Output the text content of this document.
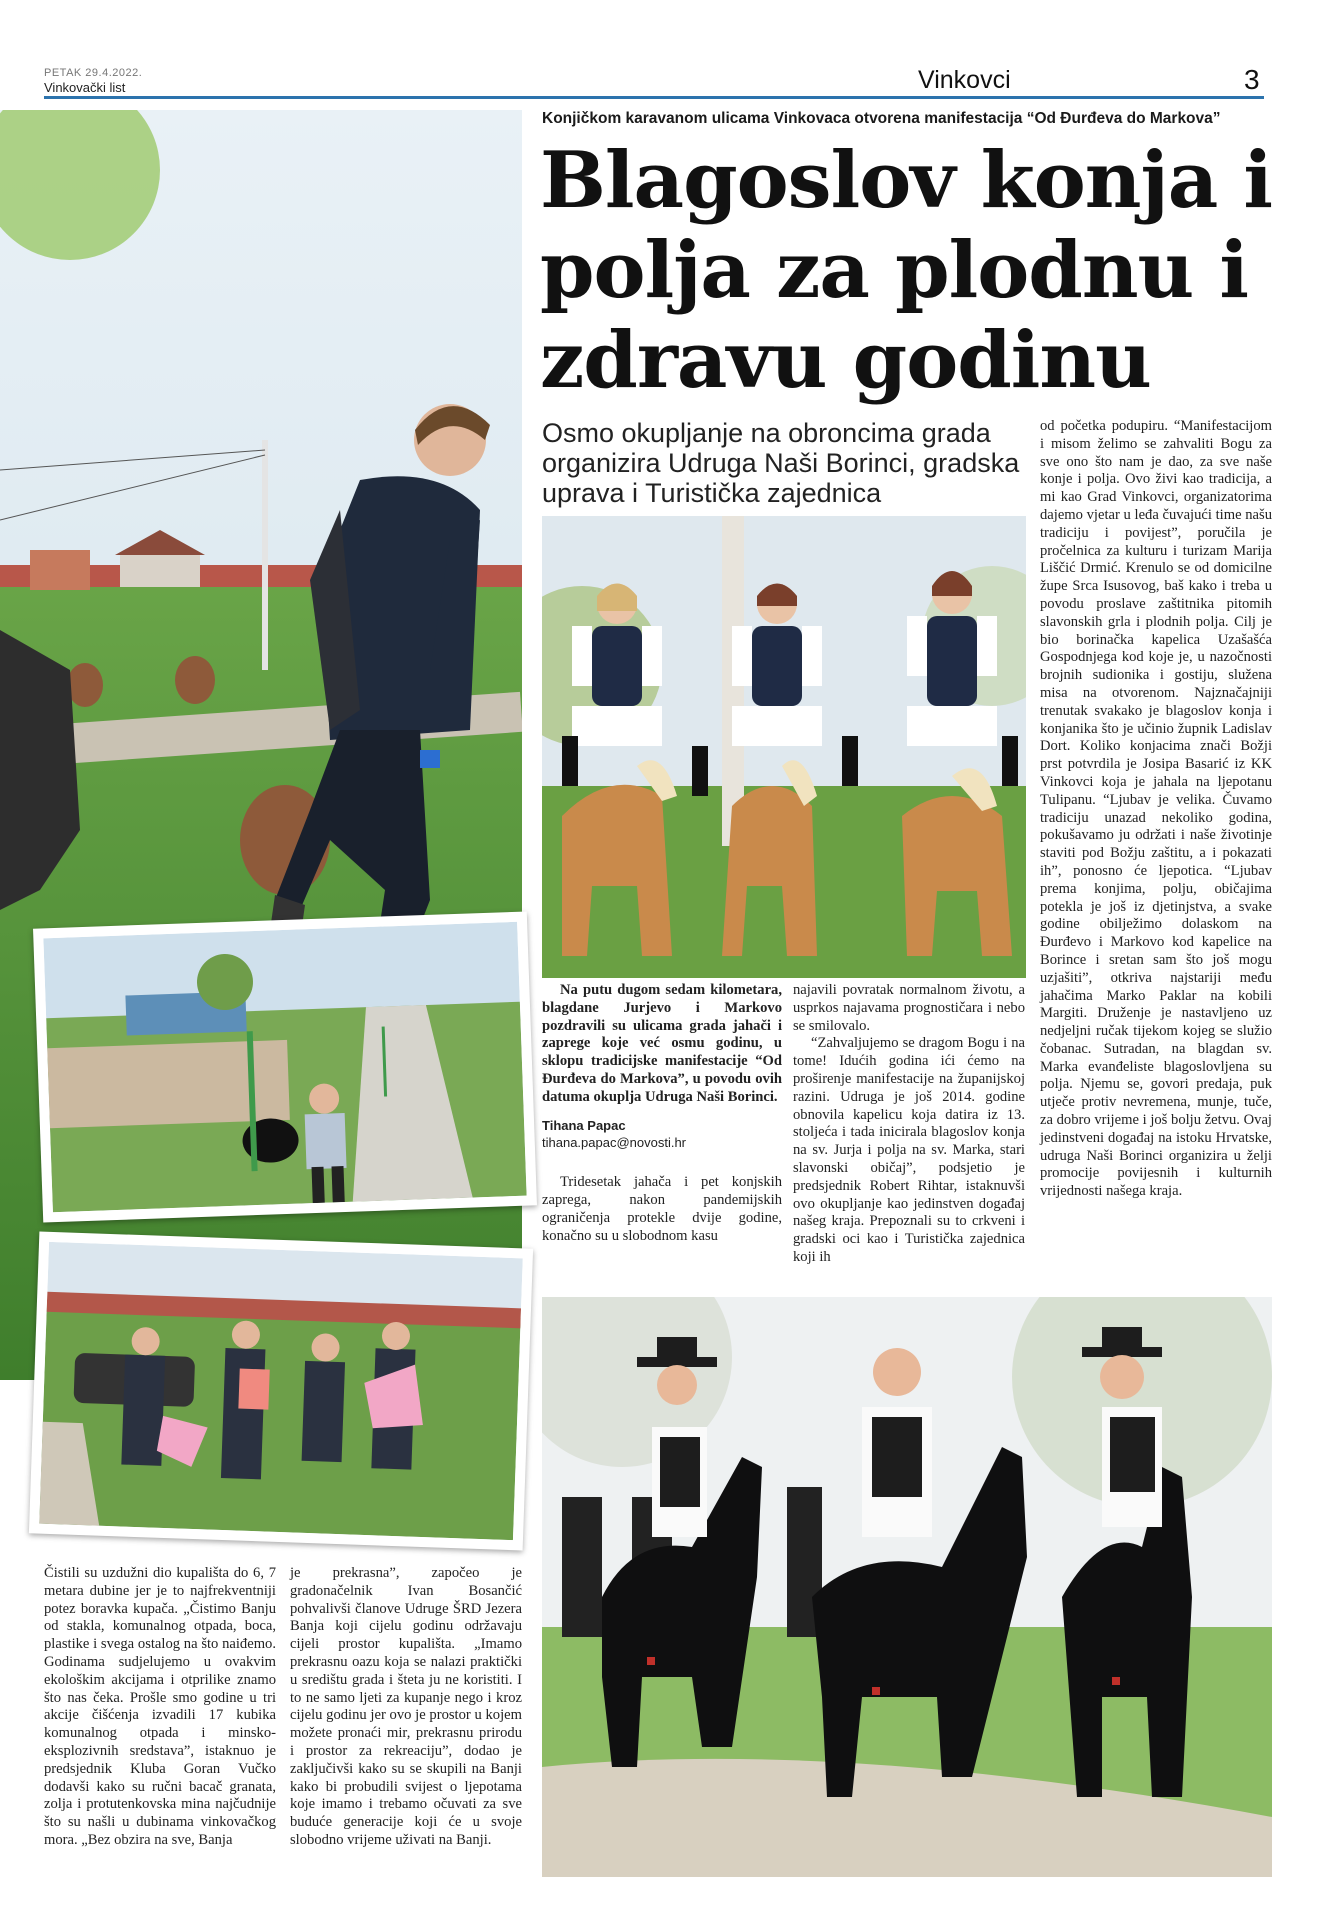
PETAK 29.4.2022.
Vinkovački list	Vinkovci	3
Konjičkom karavanom ulicama Vinkovaca otvorena manifestacija “Od Đurđeva do Markova”
Blagoslov konja i polja za plodnu i zdravu godinu
Osmo okupljanje na obroncima grada organizira Udruga Naši Borinci, gradska uprava i Turistička zajednica

Na putu dugom sedam kilometara, blagdane Jurjevo i Markovo pozdravili su ulicama grada jahači i zaprege koje već osmu godinu, u sklopu tradicijske manifestacije “Od Đurđeva do Markova”, u povodu ovih datuma okuplja Udruga Naši Borinci.

Tihana Papac
tihana.papac@novosti.hr

Tridesetak jahača i pet konjskih zaprega, nakon pandemijskih ograničenja protekle dvije godine, konačno su u slobodnom kasu

najavili povratak normalnom životu, a usprkos najavama prognostičara i nebo se smilovalo.

“Zahvaljujemo se dragom Bogu i na tome! Idućih godina ići ćemo na proširenje manifestacije na županijskoj razini. Udruga je još 2014. godine obnovila kapelicu koja datira iz 13. stoljeća i tada inicirala blagoslov konja na sv. Jurja i polja na sv. Marka, stari slavonski običaj”, podsjetio je predsjednik Robert Rihtar, istaknuvši ovo okupljanje kao jedinstven događaj našeg kraja. Prepoznali su to crkveni i gradski oci kao i Turistička zajednica koji ih

od početka podupiru. “Manifestacijom i misom želimo se zahvaliti Bogu za sve ono što nam je dao, za sve naše konje i polja. Ovo živi kao tradicija, a mi kao Grad Vinkovci, organizatorima dajemo vjetar u leđa čuvajući time našu tradiciju i povijest”, poručila je pročelnica za kulturu i turizam Marija Liščić Drmić. Krenulo se od domicilne župe Srca Isusovog, baš kako i treba u povodu proslave zaštitnika pitomih slavonskih grla i plodnih polja. Cilj je bio borinačka kapelica Uzašašća Gospodnjega kod koje je, u nazočnosti brojnih sudionika i gostiju, služena misa na otvorenom. Najznačajniji trenutak svakako je blagoslov konja i konjanika što je učinio župnik Ladislav Dort. Koliko konjacima znači Božji prst potvrdila je Josipa Basarić iz KK Vinkovci koja je jahala na ljepotanu Tulipanu. “Ljubav je velika. Čuvamo tradiciju unazad nekoliko godina, pokušavamo ju održati i naše životinje staviti pod Božju zaštitu, a i pokazati ih”, ponosno će ljepotica. “Ljubav prema konjima, polju, običajima potekla je još iz djetinjstva, a svake godine obilježimo dolaskom na Đurđevo i Markovo kod kapelice na Borince i sretan sam što još mogu uzjašiti”, otkriva najstariji među jahačima Marko Paklar na kobili Margiti. Druženje je nastavljeno uz nedjeljni ručak tijekom kojeg se služio čobanac. Sutradan, na blagdan sv. Marka evanđeliste blagoslovljena su polja. Njemu se, govori predaja, puk utječe protiv nevremena, munje, tuče, za dobro vrijeme i još bolju žetvu. Ovaj jedinstveni događaj na istoku Hrvatske, udruga Naši Borinci organizira u želji promocije povijesnih i kulturnih vrijednosti našega kraja.

Čistili su uzdužni dio kupališta do 6, 7 metara dubine jer je to najfrekventniji potez boravka kupača. „Čistimo Banju od stakla, komunalnog otpada, boca, plastike i svega ostalog na što naiđemo. Godinama sudjelujemo u ovakvim ekološkim akcijama i otprilike znamo što nas čeka. Prošle smo godine u tri akcije čišćenja izvadili 17 kubika komunalnog otpada i minsko-eksplozivnih sredstava”, istaknuo je predsjednik Kluba Goran Vučko dodavši kako su ručni bacač granata, zolja i protutenkovska mina najčudnije što su našli u dubinama vinkovačkog mora. „Bez obzira na sve, Banja

je prekrasna”, započeo je gradonačelnik Ivan Bosančić pohvalivši članove Udruge ŠRD Jezera Banja koji cijelu godinu održavaju cijeli prostor kupališta. „Imamo prekrasnu oazu koja se nalazi praktički u središtu grada i šteta ju ne koristiti. I to ne samo ljeti za kupanje nego i kroz cijelu godinu jer ovo je prostor u kojem možete pronaći mir, prekrasnu prirodu i prostor za rekreaciju”, dodao je zaključivši kako su se skupili na Banji kako bi probudili svijest o ljepotama koje imamo i trebamo očuvati za sve buduće generacije koji će u svoje slobodno vrijeme uživati na Banji.
